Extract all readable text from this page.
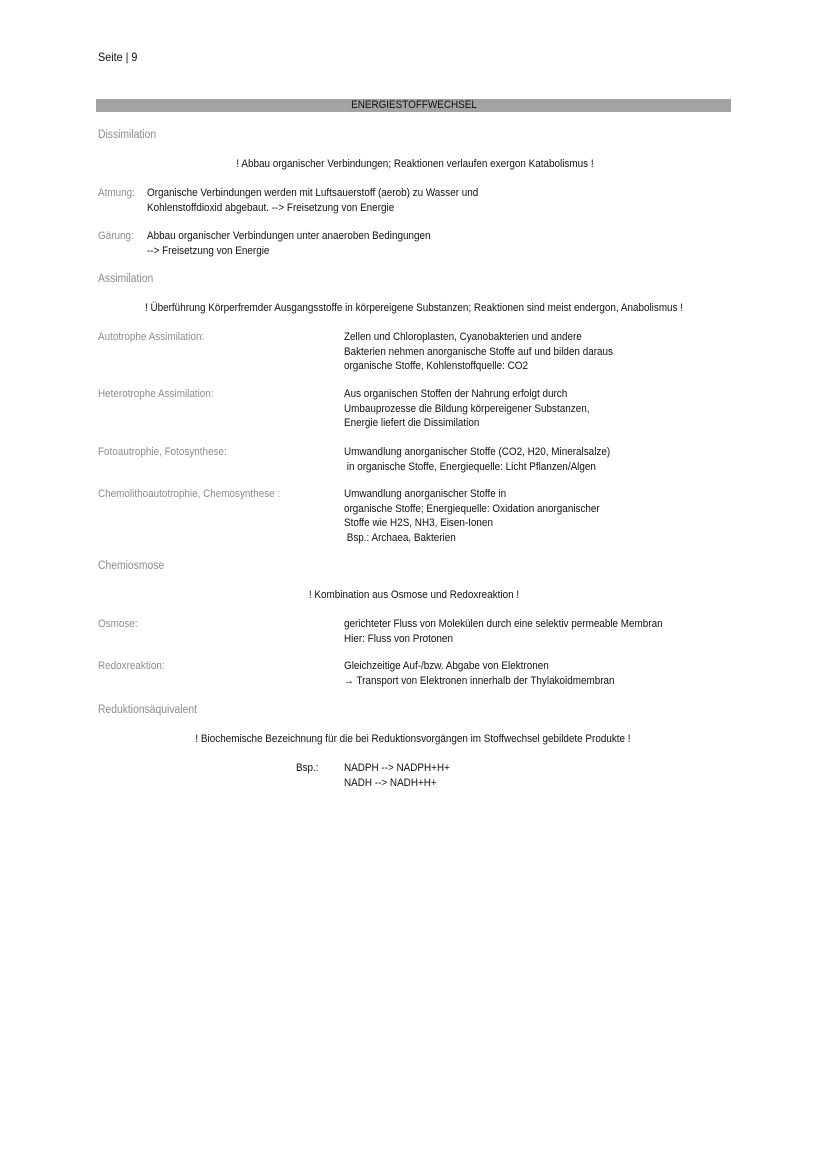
Seite | 9
ENERGIESTOFFWECHSEL
Dissimilation
! Abbau organischer Verbindungen; Reaktionen verlaufen exergon Katabolismus !
Atmung: Organische Verbindungen werden mit Luftsauerstoff (aerob) zu Wasser und
Kohlenstoffdioxid abgebaut. --> Freisetzung von Energie
Gärung: Abbau organischer Verbindungen unter anaeroben Bedingungen
--> Freisetzung von Energie
Assimilation
! Überführung Körperfremder Ausgangsstoffe in körpereigene Substanzen; Reaktionen sind meist endergon, Anabolismus !
Autotrophe Assimilation:	Zellen und Chloroplasten, Cyanobakterien und andere
Bakterien nehmen anorganische Stoffe auf und bilden daraus
organische Stoffe, Kohlenstoffquelle: CO2
Heterotrophe Assimilation:	Aus organischen Stoffen der Nahrung erfolgt durch
Umbauprozesse die Bildung körpereigener Substanzen,
Energie liefert die Dissimilation
Fotoautrophie, Fotosynthese:	Umwandlung anorganischer Stoffe (CO2, H20, Mineralsalze)
in organische Stoffe, Energiequelle: Licht Pflanzen/Algen
Chemolithoautotrophie, Chemosynthese :	Umwandlung anorganischer Stoffe in
organische Stoffe; Energiequelle: Oxidation anorganischer
Stoffe wie H2S, NH3, Eisen-Ionen
Bsp.: Archaea, Bakterien
Chemiosmose
! Kombination aus Osmose und Redoxreaktion !
Osmose:	gerichteter Fluss von Molekülen durch eine selektiv permeable Membran
Hier: Fluss von Protonen
Redoxreaktion:	Gleichzeitige Auf-/bzw. Abgabe von Elektronen
→ Transport von Elektronen innerhalb der Thylakoidmembran
Reduktionsäquivalent
! Biochemische Bezeichnung für die bei Reduktionsvorgängen im Stoffwechsel gebildete Produkte !
Bsp.: NADPH --> NADPH+H+
NADH --> NADH+H+
